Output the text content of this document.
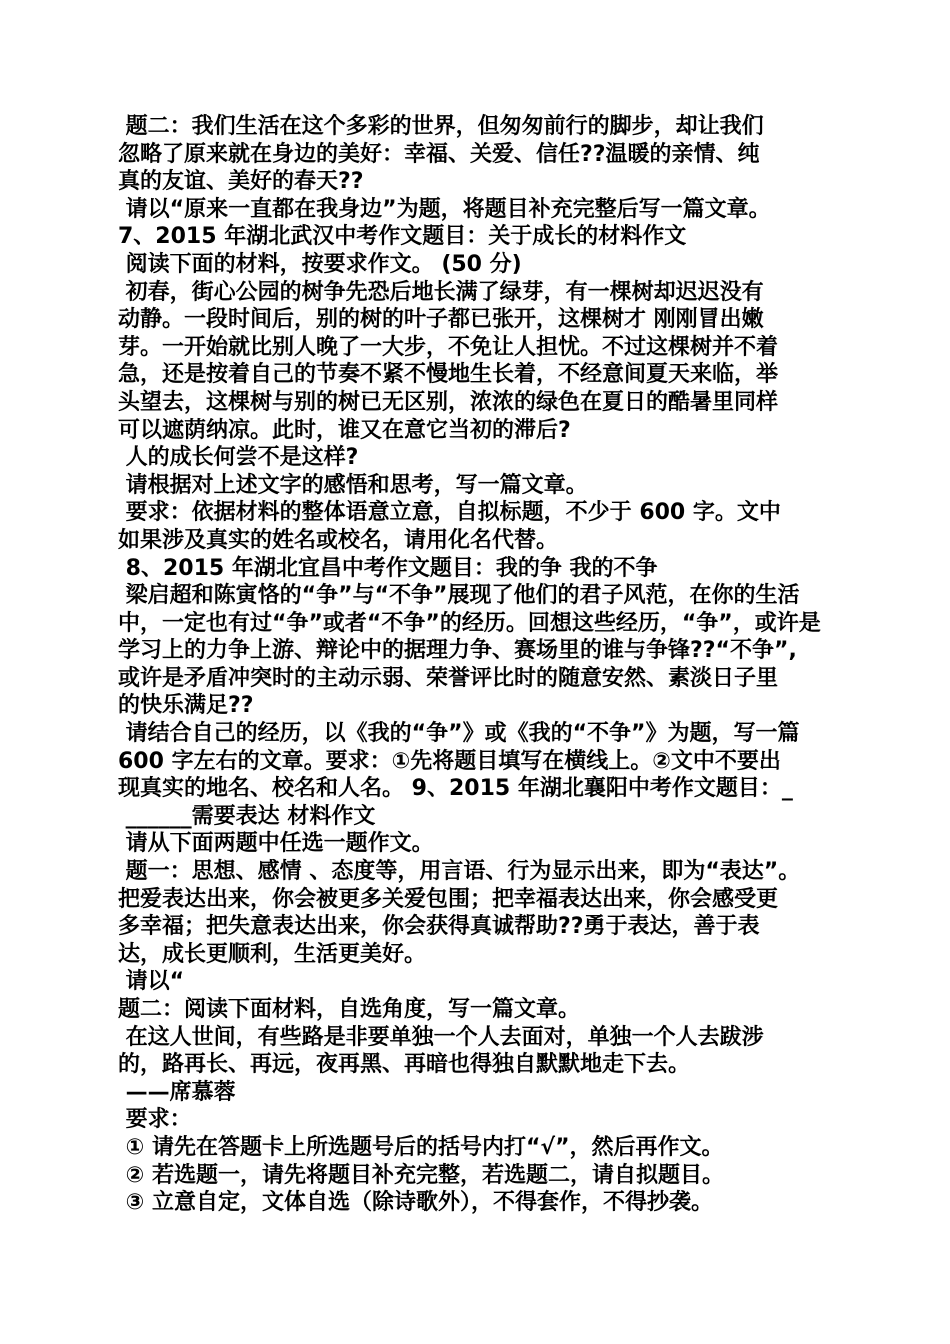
题二：我们生活在这个多彩的世界，但匆匆前行的脚步，却让我们
忽略了原来就在身边的美好：幸福、关爱、信任??温暖的亲情、纯
真的友谊、美好的春天??
请以“原来一直都在我身边”为题，将题目补充完整后写一篇文章。
7、2015 年湖北武汉中考作文题目：关于成长的材料作文
阅读下面的材料，按要求作文。 (50 分)
初春，街心公园的树争先恐后地长满了绿芽，有一棵树却迟迟没有
动静。一段时间后，别的树的叶子都已张开，这棵树才 刚刚冒出嫩
芽。一开始就比别人晚了一大步，不免让人担忧。不过这棵树并不着
急，还是按着自己的节奏不紧不慢地生长着，不经意间夏天来临，举
头望去，这棵树与别的树已无区别，浓浓的绿色在夏日的酷暑里同样
可以遮荫纳凉。此时，谁又在意它当初的滞后?
人的成长何尝不是这样?
请根据对上述文字的感悟和思考，写一篇文章。
要求：依据材料的整体语意立意，自拟标题，不少于 600 字。文中
如果涉及真实的姓名或校名，请用化名代替。
8、2015 年湖北宜昌中考作文题目：我的争 我的不争
梁启超和陈寅恪的“争”与“不争”展现了他们的君子风范，在你的生活
中，一定也有过“争”或者“不争”的经历。回想这些经历，“争”，或许是
学习上的力争上游、辩论中的据理力争、赛场里的谁与争锋??“不争”,
或许是矛盾冲突时的主动示弱、荣誉评比时的随意安然、素淡日子里
的快乐满足??
请结合自己的经历，以《我的“争”》或《我的“不争”》为题，写一篇
600 字左右的文章。要求：①先将题目填写在横线上。②文中不要出
现真实的地名、校名和人名。 9、2015 年湖北襄阳中考作文题目：_
______需要表达 材料作文
请从下面两题中任选一题作文。
题一：思想、感情 、态度等，用言语、行为显示出来，即为“表达”。
把爱表达出来，你会被更多关爱包围；把幸福表达出来，你会感受更
多幸福；把失意表达出来，你会获得真诚帮助??勇于表达，善于表
达，成长更顺利，生活更美好。
请以“
题二：阅读下面材料，自选角度，写一篇文章。
在这人世间，有些路是非要单独一个人去面对，单独一个人去跋涉
的，路再长、再远，夜再黑、再暗也得独自默默地走下去。
——席慕蓉
要求：
① 请先在答题卡上所选题号后的括号内打“√”，然后再作文。
② 若选题一，请先将题目补充完整，若选题二，请自拟题目。
③ 立意自定，文体自选（除诗歌外），不得套作，不得抄袭。
